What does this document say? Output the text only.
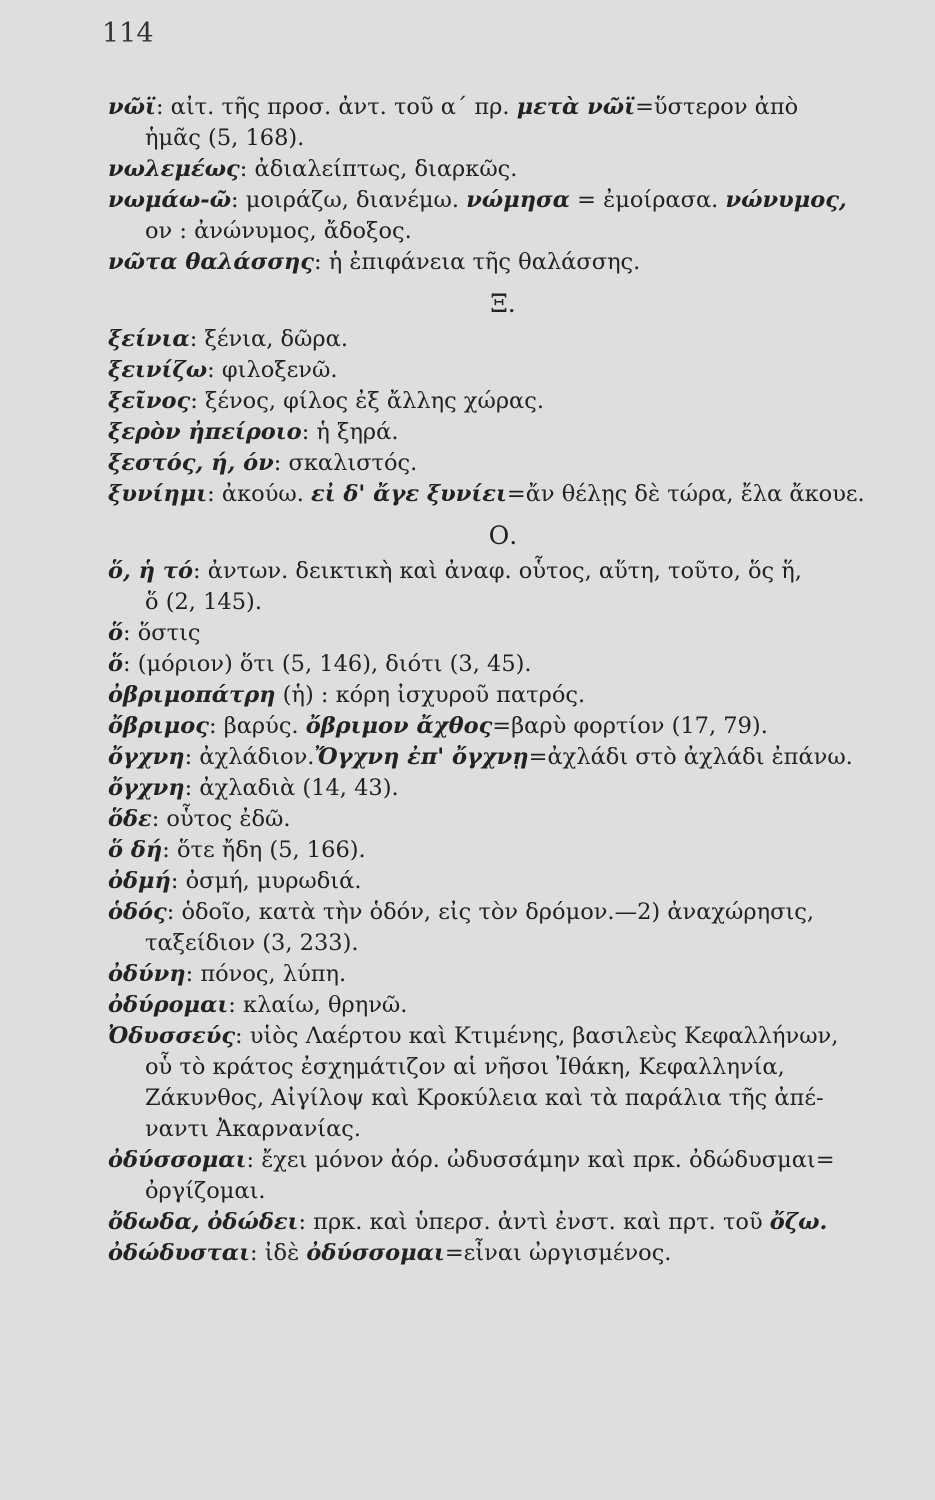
114

νῶϊ: αἰτ. τῆς προσ. ἀντ. τοῦ α΄ πρ. μετὰ νῶϊ=ὕστερον ἀπὸ
ἡμᾶς (5, 168).

νωλεμέως: ἀδιαλείπτως, διαρκῶς.

νωμάω-ῶ: μοιράζω, διανέμω. νώμησα = ἐμοίρασα. νώνυμος,
ον : ἀνώνυμος, ἄδοξος.

νῶτα θαλάσσης: ἡ ἐπιφάνεια τῆς θαλάσσης.

Ξ.

ξείνια: ξένια, δῶρα.

ξεινίζω: φιλοξενῶ.

ξεῖνος: ξένος, φίλος ἐξ ἄλλης χώρας.

ξερὸν ἠπείροιο: ἡ ξηρά.

ξεστός, ή, όν: σκαλιστός.

ξυνίημι: ἀκούω. εἰ δ' ἄγε ξυνίει=ἄν θέλῃς δὲ τώρα, ἔλα ἄκουε.

Ο.

ὅ, ἡ τό: ἀντων. δεικτικὴ καὶ ἀναφ. οὗτος, αὕτη, τοῦτο, ὅς ἥ,
ὅ (2, 145).

ὅ: ὅστις

ὅ: (μόριον) ὅτι (5, 146), διότι (3, 45).

ὀβριμοπάτρη (ἡ) : κόρη ἰσχυροῦ πατρός.

ὄβριμος: βαρύς. ὄβριμον ἄχθος=βαρὺ φορτίον (17, 79).

ὄγχνη: ἀχλάδιον.Ὄγχνη ἐπ' ὄγχνῃ=ἀχλάδι στὸ ἀχλάδι ἐπάνω.

ὄγχνη: ἀχλαδιὰ (14, 43).

ὅδε: οὗτος ἐδῶ.

ὅ δή: ὅτε ἤδη (5, 166).

ὀδμή: ὀσμή, μυρωδιά.

ὁδός: ὁδοῖο, κατὰ τὴν ὁδόν, εἰς τὸν δρόμον.—2) ἀναχώρησις,
ταξείδιον (3, 233).

ὀδύνη: πόνος, λύπη.

ὀδύρομαι: κλαίω, θρηνῶ.

Ὀδυσσεύς: υἱὸς Λαέρτου καὶ Κτιμένης, βασιλεὺς Κεφαλλήνων,
οὗ τὸ κράτος ἐσχημάτιζον αἱ νῆσοι Ἰθάκη, Κεφαλληνία,
Ζάκυνθος, Αἰγίλοψ καὶ Κροκύλεια καὶ τὰ παράλια τῆς ἀπέ-
ναντι Ἀκαρνανίας.

ὀδύσσομαι: ἔχει μόνον ἀόρ. ὠδυσσάμην καὶ πρκ. ὀδώδυσμαι=
ὀργίζομαι.

ὄδωδα, ὀδώδει: πρκ. καὶ ὑπερσ. ἀντὶ ἐνστ. καὶ πρτ. τοῦ ὄζω.

ὀδώδυσται: ἰδὲ ὀδύσσομαι=εἶναι ὠργισμένος.
